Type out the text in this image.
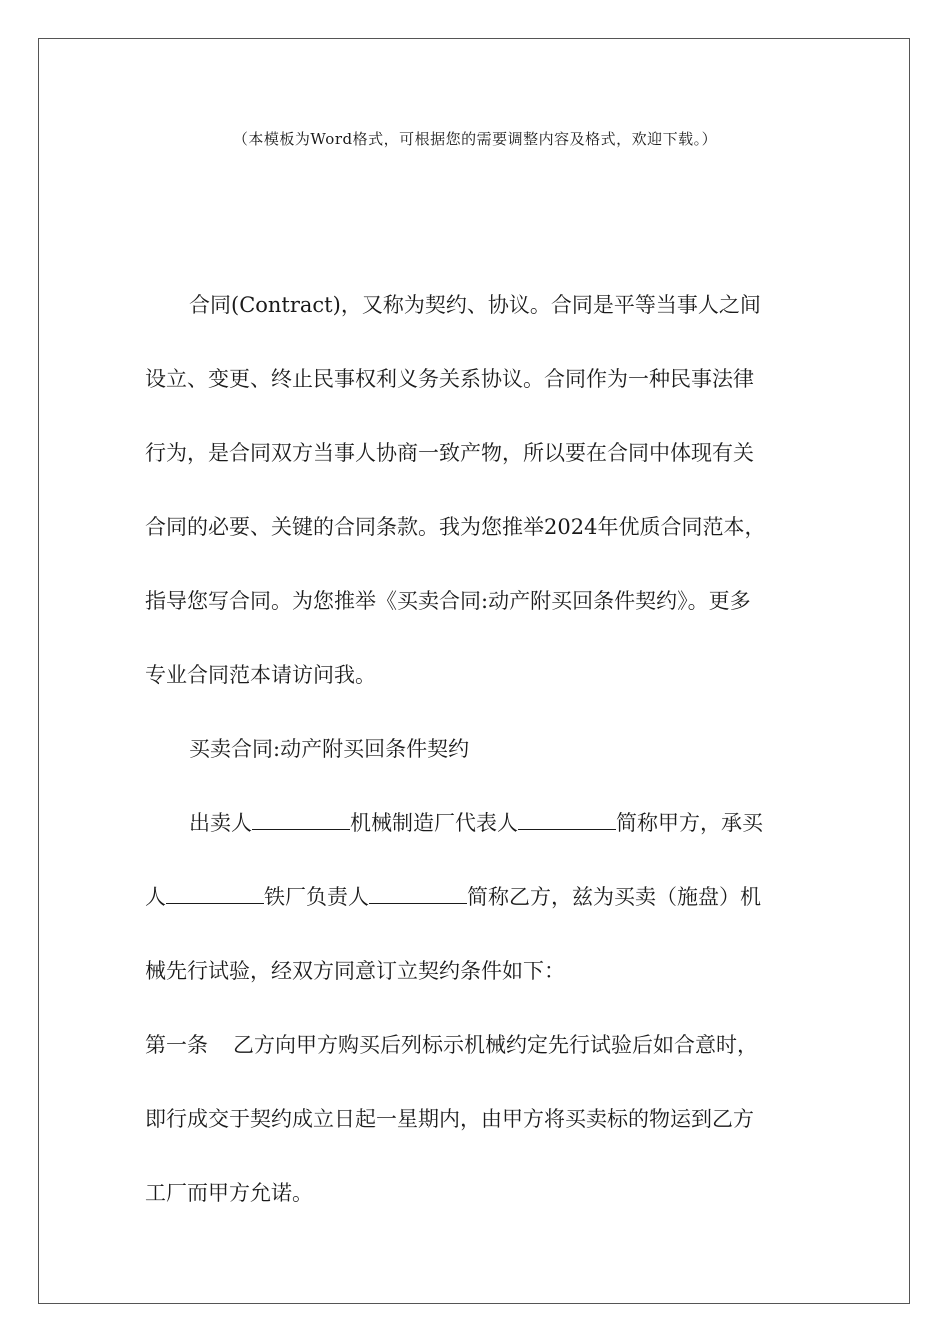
（本模板为Word格式，可根据您的需要调整内容及格式，欢迎下载。）

合同(Contract)，又称为契约、协议。合同是平等当事人之间

设立、变更、终止民事权利义务关系协议。合同作为一种民事法律

行为，是合同双方当事人协商一致产物，所以要在合同中体现有关

合同的必要、关键的合同条款。我为您推举2024年优质合同范本，

指导您写合同。为您推举《买卖合同:动产附买回条件契约》。更多

专业合同范本请访问我。

买卖合同:动产附买回条件契约

出卖人	机械制造厂代表人	简称甲方，承买

人	铁厂负责人	简称乙方，兹为买卖（施盘）机

械先行试验，经双方同意订立契约条件如下：

第一条 乙方向甲方购买后列标示机械约定先行试验后如合意时，

即行成交于契约成立日起一星期内，由甲方将买卖标的物运到乙方

工厂而甲方允诺。
